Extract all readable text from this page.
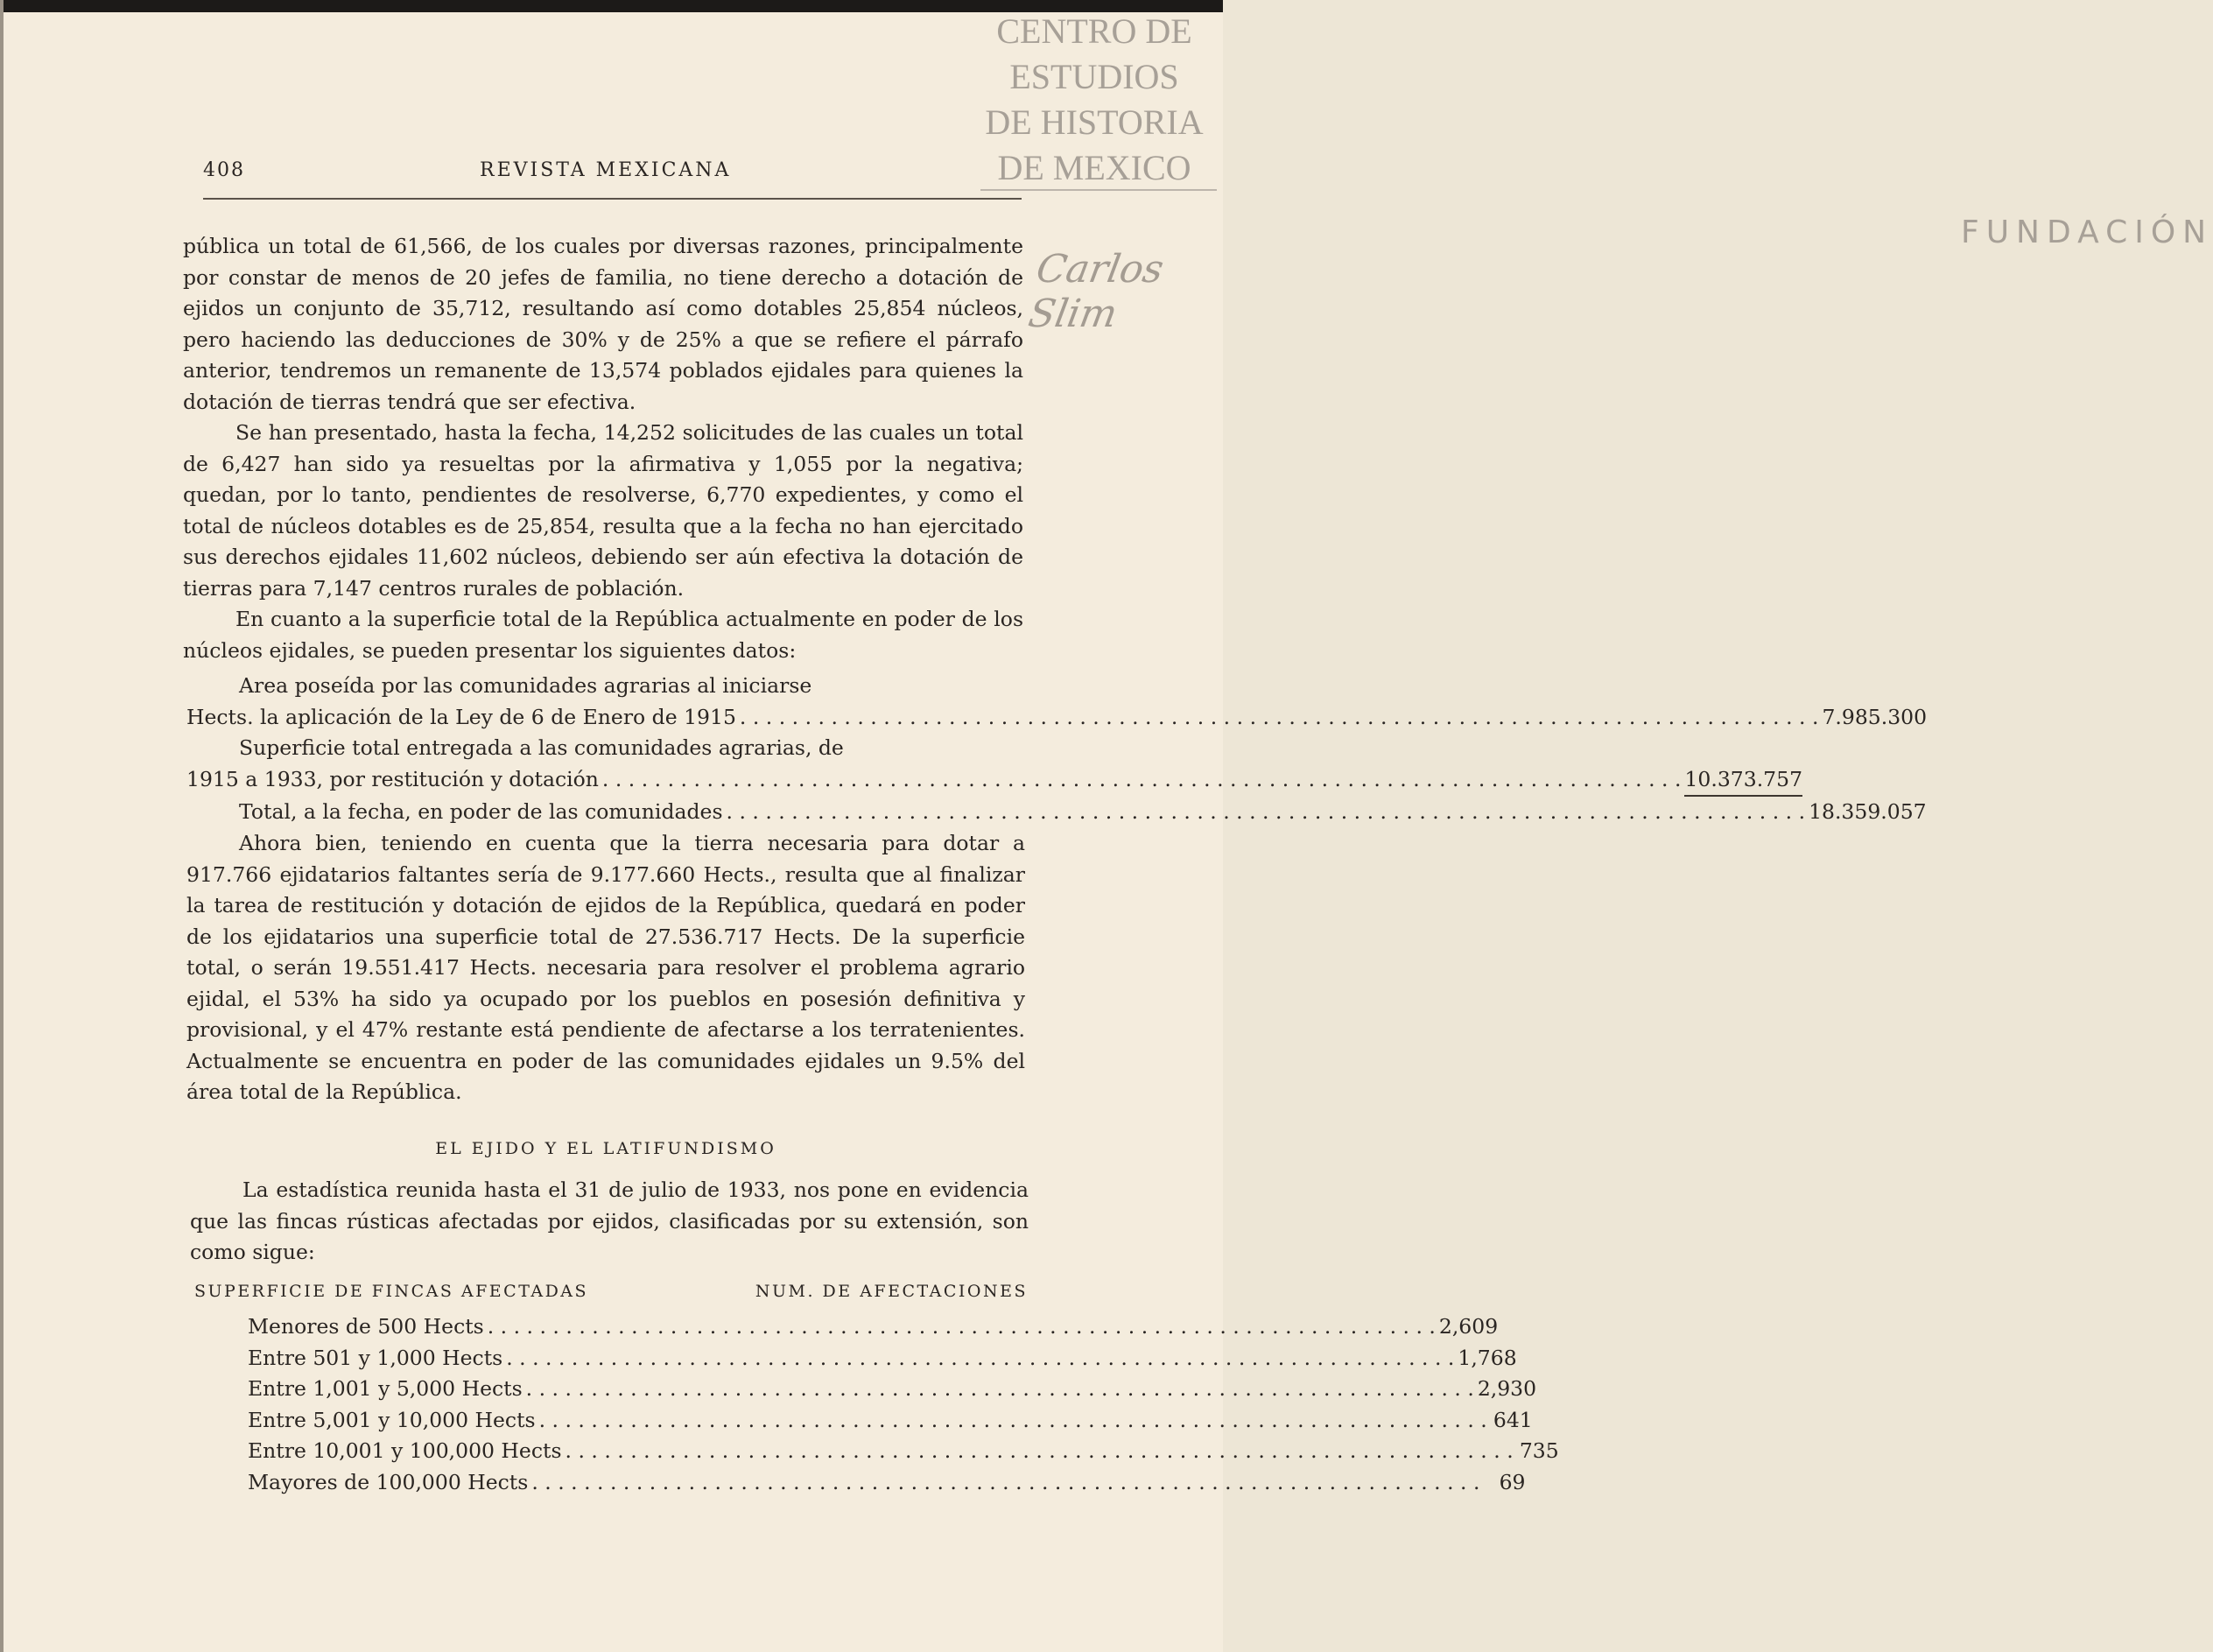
CENTRO DE
ESTUDIOS
DE HISTORIA
DE MEXICO
FUNDACIÓN
Carlos Slim
408	REVISTA MEXICANA

pública un total de 61,566, de los cuales por diversas razones, principalmente por constar de menos de 20 jefes de familia, no tiene derecho a dotación de ejidos un conjunto de 35,712, resultando así como dotables 25,854 núcleos, pero haciendo las deducciones de 30% y de 25% a que se refiere el párrafo anterior, tendremos un remanente de 13,574 poblados ejidales para quienes la dotación de tierras tendrá que ser efectiva.

Se han presentado, hasta la fecha, 14,252 solicitudes de las cuales un total de 6,427 han sido ya resueltas por la afirmativa y 1,055 por la negativa; quedan, por lo tanto, pendientes de resolverse, 6,770 expedientes, y como el total de núcleos dotables es de 25,854, resulta que a la fecha no han ejercitado sus derechos ejidales 11,602 núcleos, debiendo ser aún efectiva la dotación de tierras para 7,147 centros rurales de población.

En cuanto a la superficie total de la República actualmente en poder de los núcleos ejidales, se pueden presentar los siguientes datos:

Area poseída por las comunidades agrarias al iniciarse
Hects. la aplicación de la Ley de 6 de Enero de 1915 . . .	7.985.300
Superficie total entregada a las comunidades agrarias, de
1915 a 1933, por restitución y dotación . . .	10.373.757
Total, a la fecha, en poder de las comunidades . . .	18.359.057

Ahora bien, teniendo en cuenta que la tierra necesaria para dotar a 917.766 ejidatarios faltantes sería de 9.177.660 Hects., resulta que al finalizar la tarea de restitución y dotación de ejidos de la República, quedará en poder de los ejidatarios una superficie total de 27.536.717 Hects. De la superficie total, o serán 19.551.417 Hects. necesaria para resolver el problema agrario ejidal, el 53% ha sido ya ocupado por los pueblos en posesión definitiva y provisional, y el 47% restante está pendiente de afectarse a los terratenientes. Actualmente se encuentra en poder de las comunidades ejidales un 9.5% del área total de la República.

EL EJIDO Y EL LATIFUNDISMO

La estadística reunida hasta el 31 de julio de 1933, nos pone en evidencia que las fincas rústicas afectadas por ejidos, clasificadas por su extensión, son como sigue:

SUPERFICIE DE FINCAS AFECTADAS	NUM. DE AFECTACIONES
Menores de 500 Hects . . .	2,609
Entre 501 y 1,000 Hects . . .	1,768
Entre 1,001 y 5,000 Hects . . .	2,930
Entre 5,001 y 10,000 Hects . . .	641
Entre 10,001 y 100,000 Hects . . .	735
Mayores de 100,000 Hects . . .	69
